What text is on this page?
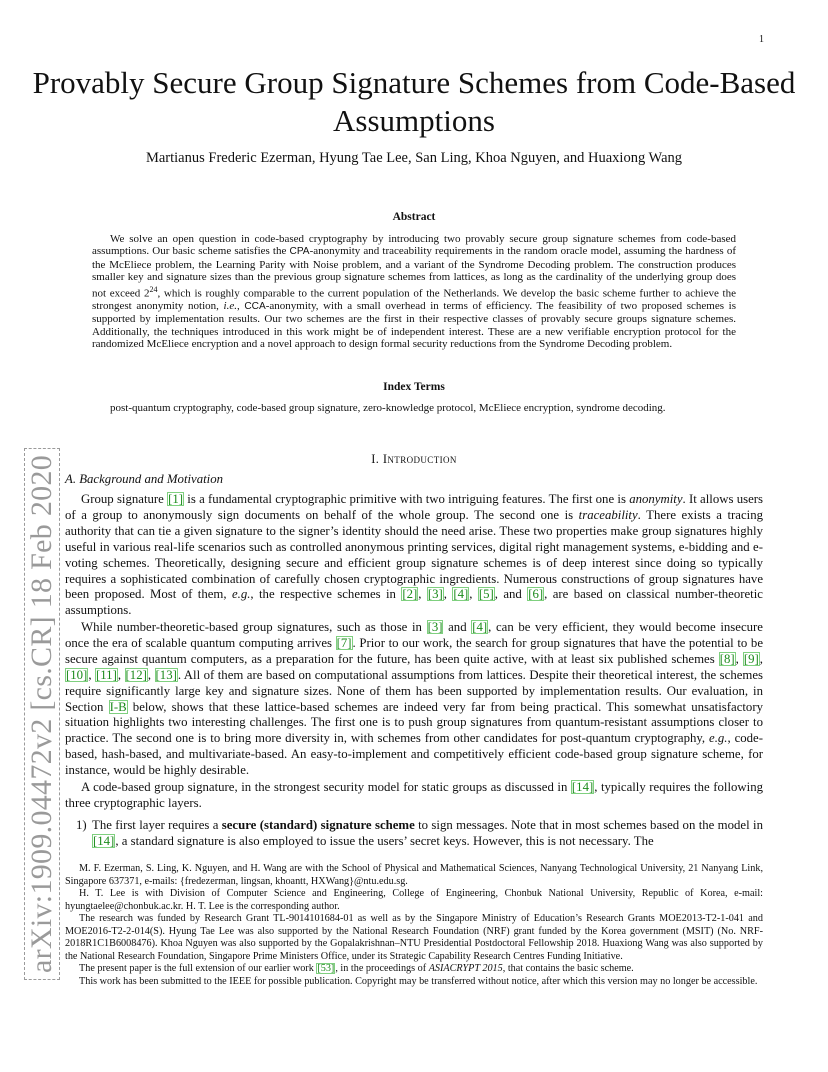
1
arXiv:1909.04472v2 [cs.CR] 18 Feb 2020
Provably Secure Group Signature Schemes from Code-Based Assumptions
Martianus Frederic Ezerman, Hyung Tae Lee, San Ling, Khoa Nguyen, and Huaxiong Wang
Abstract
We solve an open question in code-based cryptography by introducing two provably secure group signature schemes from code-based assumptions. Our basic scheme satisfies the CPA-anonymity and traceability requirements in the random oracle model, assuming the hardness of the McEliece problem, the Learning Parity with Noise problem, and a variant of the Syndrome Decoding problem. The construction produces smaller key and signature sizes than the previous group signature schemes from lattices, as long as the cardinality of the underlying group does not exceed $2^{24}$, which is roughly comparable to the current population of the Netherlands. We develop the basic scheme further to achieve the strongest anonymity notion, i.e., CCA-anonymity, with a small overhead in terms of efficiency. The feasibility of two proposed schemes is supported by implementation results. Our two schemes are the first in their respective classes of provably secure groups signature schemes. Additionally, the techniques introduced in this work might be of independent interest. These are a new verifiable encryption protocol for the randomized McEliece encryption and a novel approach to design formal security reductions from the Syndrome Decoding problem.
Index Terms
post-quantum cryptography, code-based group signature, zero-knowledge protocol, McEliece encryption, syndrome decoding.
I. Introduction
A. Background and Motivation
Group signature [1] is a fundamental cryptographic primitive with two intriguing features. The first one is anonymity. It allows users of a group to anonymously sign documents on behalf of the whole group. The second one is traceability. There exists a tracing authority that can tie a given signature to the signer’s identity should the need arise. These two properties make group signatures highly useful in various real-life scenarios such as controlled anonymous printing services, digital right management systems, e-bidding and e-voting schemes. Theoretically, designing secure and efficient group signature schemes is of deep interest since doing so typically requires a sophisticated combination of carefully chosen cryptographic ingredients. Numerous constructions of group signatures have been proposed. Most of them, e.g., the respective schemes in [2], [3], [4], [5], and [6], are based on classical number-theoretic assumptions.
While number-theoretic-based group signatures, such as those in [3] and [4], can be very efficient, they would become insecure once the era of scalable quantum computing arrives [7]. Prior to our work, the search for group signatures that have the potential to be secure against quantum computers, as a preparation for the future, has been quite active, with at least six published schemes [8], [9], [10], [11], [12], [13]. All of them are based on computational assumptions from lattices. Despite their theoretical interest, the schemes require significantly large key and signature sizes. None of them has been supported by implementation results. Our evaluation, in Section I-B below, shows that these lattice-based schemes are indeed very far from being practical. This somewhat unsatisfactory situation highlights two interesting challenges. The first one is to push group signatures from quantum-resistant assumptions closer to practice. The second one is to bring more diversity in, with schemes from other candidates for post-quantum cryptography, e.g., code-based, hash-based, and multivariate-based. An easy-to-implement and competitively efficient code-based group signature scheme, for instance, would be highly desirable.
A code-based group signature, in the strongest security model for static groups as discussed in [14], typically requires the following three cryptographic layers.
1) The first layer requires a secure (standard) signature scheme to sign messages. Note that in most schemes based on the model in [14], a standard signature is also employed to issue the users’ secret keys. However, this is not necessary. The

M. F. Ezerman, S. Ling, K. Nguyen, and H. Wang are with the School of Physical and Mathematical Sciences, Nanyang Technological University, 21 Nanyang Link, Singapore 637371, e-mails: {fredezerman, lingsan, khoantt, HXWang}@ntu.edu.sg.

H. T. Lee is with Division of Computer Science and Engineering, College of Engineering, Chonbuk National University, Republic of Korea, e-mail: hyungtaelee@chonbuk.ac.kr. H. T. Lee is the corresponding author.

The research was funded by Research Grant TL-9014101684-01 as well as by the Singapore Ministry of Education’s Research Grants MOE2013-T2-1-041 and MOE2016-T2-2-014(S). Hyung Tae Lee was also supported by the National Research Foundation (NRF) grant funded by the Korea government (MSIT) (No. NRF-2018R1C1B6008476). Khoa Nguyen was also supported by the Gopalakrishnan–NTU Presidential Postdoctoral Fellowship 2018. Huaxiong Wang was also supported by the National Research Foundation, Singapore Prime Ministers Office, under its Strategic Capability Research Centres Funding Initiative.

The present paper is the full extension of our earlier work [53], in the proceedings of ASIACRYPT 2015, that contains the basic scheme.

This work has been submitted to the IEEE for possible publication. Copyright may be transferred without notice, after which this version may no longer be accessible.
